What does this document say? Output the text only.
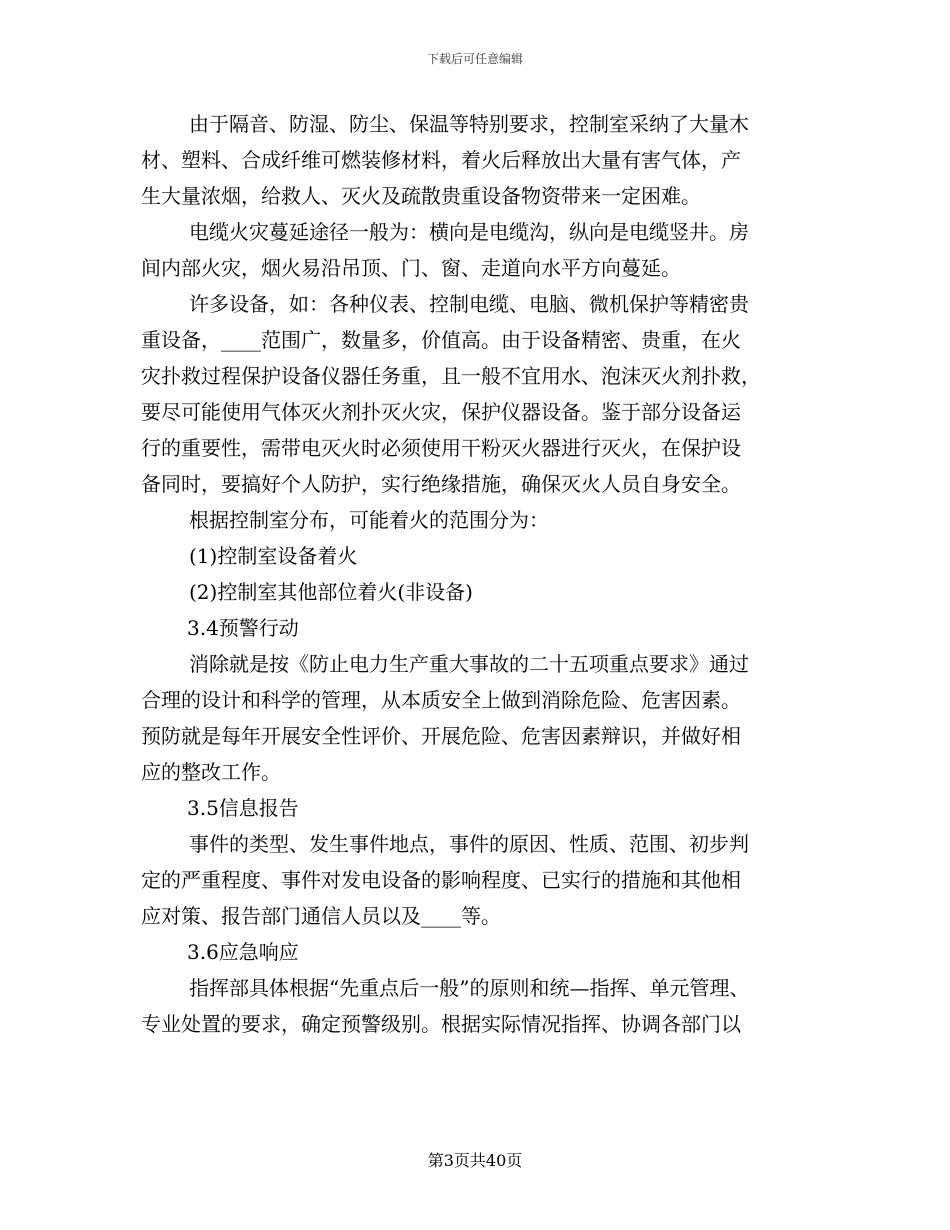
下载后可任意编辑
由于隔音、防湿、防尘、保温等特别要求，控制室采纳了大量木
材、塑料、合成纤维可燃装修材料，着火后释放出大量有害气体，产
生大量浓烟，给救人、灭火及疏散贵重设备物资带来一定困难。
电缆火灾蔓延途径一般为：横向是电缆沟，纵向是电缆竖井。房
间内部火灾，烟火易沿吊顶、门、窗、走道向水平方向蔓延。
许多设备，如：各种仪表、控制电缆、电脑、微机保护等精密贵
重设备，____范围广，数量多，价值高。由于设备精密、贵重，在火
灾扑救过程保护设备仪器任务重，且一般不宜用水、泡沫灭火剂扑救，
要尽可能使用气体灭火剂扑灭火灾，保护仪器设备。鉴于部分设备运
行的重要性，需带电灭火时必须使用干粉灭火器进行灭火，在保护设
备同时，要搞好个人防护，实行绝缘措施，确保灭火人员自身安全。
根据控制室分布，可能着火的范围分为：
(1)控制室设备着火
(2)控制室其他部位着火(非设备)
3.4预警行动
消除就是按《防止电力生产重大事故的二十五项重点要求》通过
合理的设计和科学的管理，从本质安全上做到消除危险、危害因素。
预防就是每年开展安全性评价、开展危险、危害因素辩识，并做好相
应的整改工作。
3.5信息报告
事件的类型、发生事件地点，事件的原因、性质、范围、初步判
定的严重程度、事件对发电设备的影响程度、已实行的措施和其他相
应对策、报告部门通信人员以及____等。
3.6应急响应
指挥部具体根据“先重点后一般”的原则和统—指挥、单元管理、
专业处置的要求，确定预警级别。根据实际情况指挥、协调各部门以
第3页共40页
